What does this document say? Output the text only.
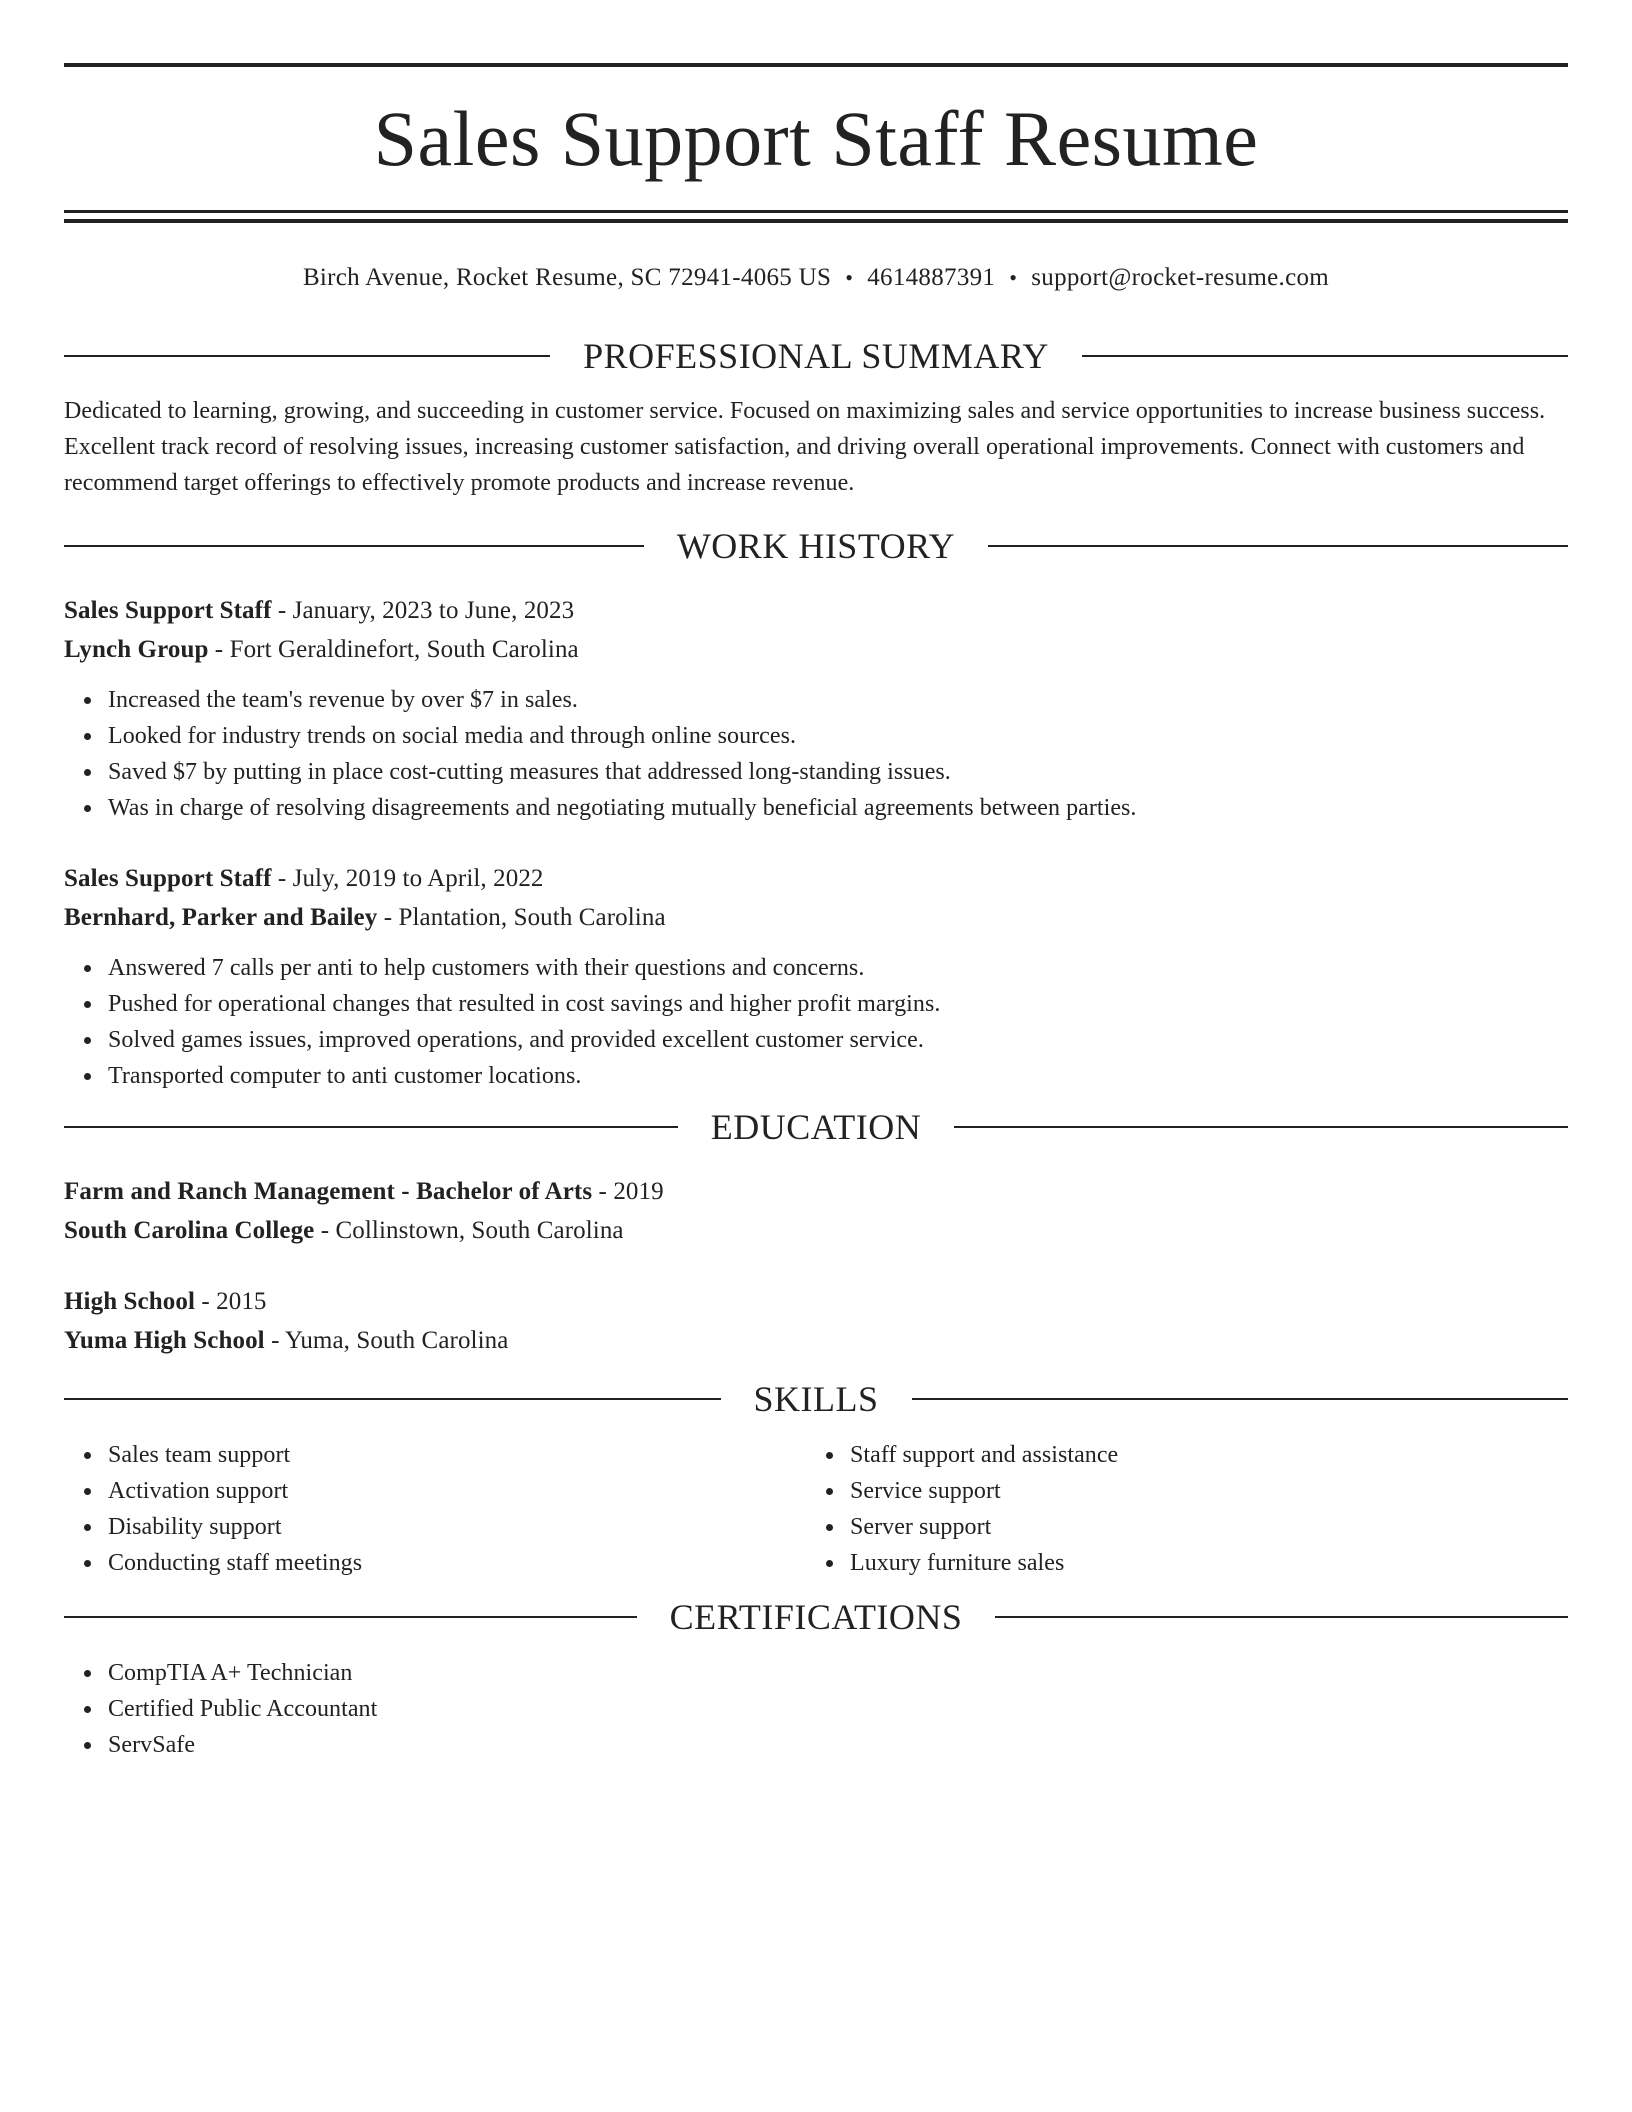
Sales Support Staff Resume
Birch Avenue, Rocket Resume, SC 72941-4065 US • 4614887391 • support@rocket-resume.com
PROFESSIONAL SUMMARY

Dedicated to learning, growing, and succeeding in customer service. Focused on maximizing sales and service opportunities to increase business success. Excellent track record of resolving issues, increasing customer satisfaction, and driving overall operational improvements. Connect with customers and recommend target offerings to effectively promote products and increase revenue.

WORK HISTORY
Sales Support Staff - January, 2023 to June, 2023
Lynch Group - Fort Geraldinefort, South Carolina
Increased the team's revenue by over $7 in sales.
Looked for industry trends on social media and through online sources.
Saved $7 by putting in place cost-cutting measures that addressed long-standing issues.
Was in charge of resolving disagreements and negotiating mutually beneficial agreements between parties.
Sales Support Staff - July, 2019 to April, 2022
Bernhard, Parker and Bailey - Plantation, South Carolina
Answered 7 calls per anti to help customers with their questions and concerns.
Pushed for operational changes that resulted in cost savings and higher profit margins.
Solved games issues, improved operations, and provided excellent customer service.
Transported computer to anti customer locations.
EDUCATION
Farm and Ranch Management - Bachelor of Arts - 2019
South Carolina College - Collinstown, South Carolina
High School - 2015
Yuma High School - Yuma, South Carolina
SKILLS
Sales team support
Activation support
Disability support
Conducting staff meetings
Staff support and assistance
Service support
Server support
Luxury furniture sales
CERTIFICATIONS
CompTIA A+ Technician
Certified Public Accountant
ServSafe
